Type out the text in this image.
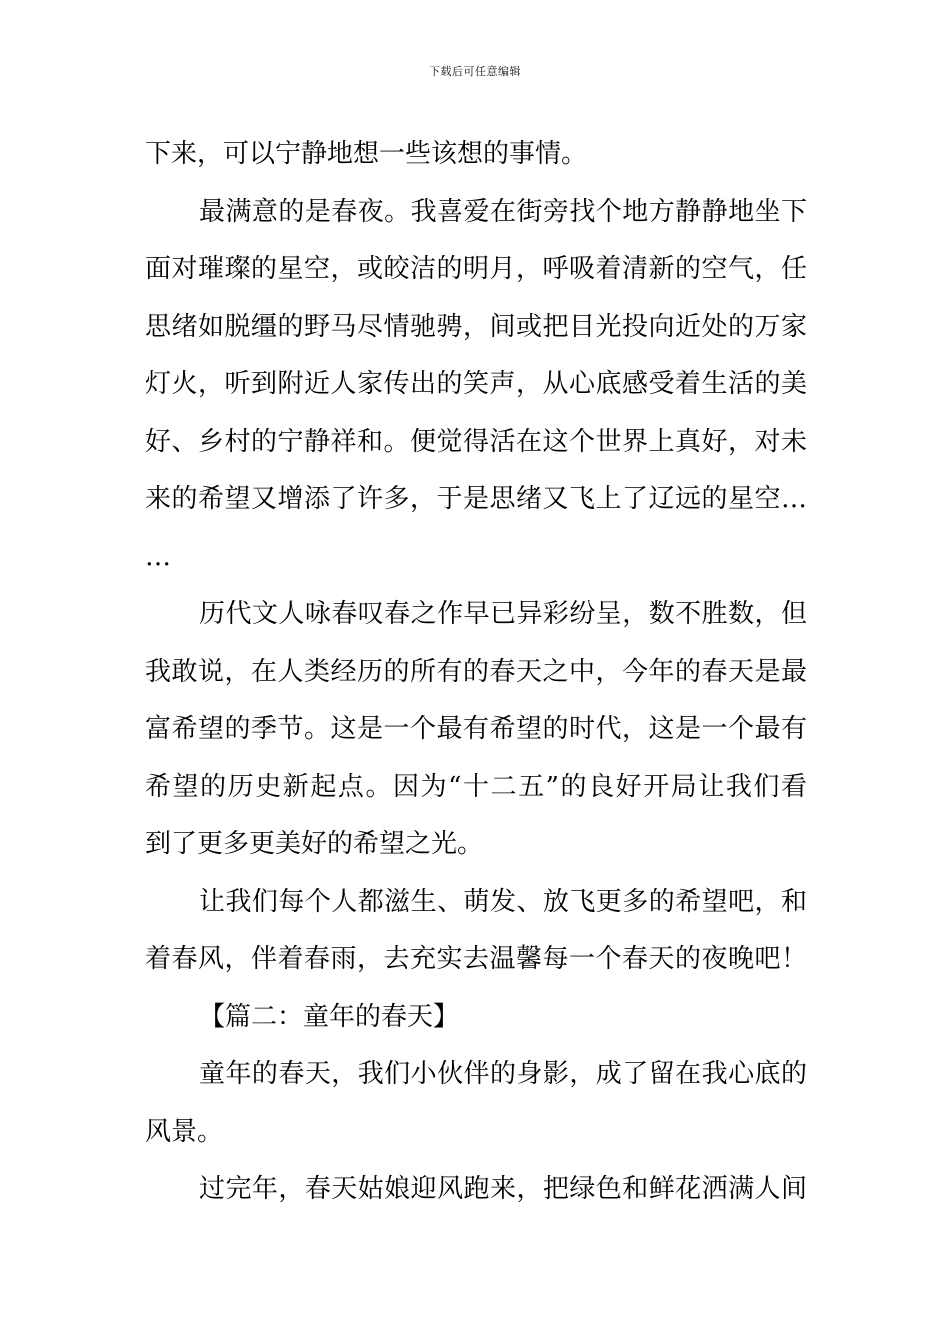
下载后可任意编辑
下来，可以宁静地想一些该想的事情。
最满意的是春夜。我喜爱在街旁找个地方静静地坐下
面对璀璨的星空，或皎洁的明月，呼吸着清新的空气，任
思绪如脱缰的野马尽情驰骋，间或把目光投向近处的万家
灯火，听到附近人家传出的笑声，从心底感受着生活的美
好、乡村的宁静祥和。便觉得活在这个世界上真好，对未
来的希望又增添了许多，于是思绪又飞上了辽远的星空…
…
历代文人咏春叹春之作早已异彩纷呈，数不胜数，但
我敢说，在人类经历的所有的春天之中，今年的春天是最
富希望的季节。这是一个最有希望的时代，这是一个最有
希望的历史新起点。因为“十二五”的良好开局让我们看
到了更多更美好的希望之光。
让我们每个人都滋生、萌发、放飞更多的希望吧，和
着春风，伴着春雨，去充实去温馨每一个春天的夜晚吧！
【篇二：童年的春天】
童年的春天，我们小伙伴的身影，成了留在我心底的
风景。
过完年，春天姑娘迎风跑来，把绿色和鲜花洒满人间
